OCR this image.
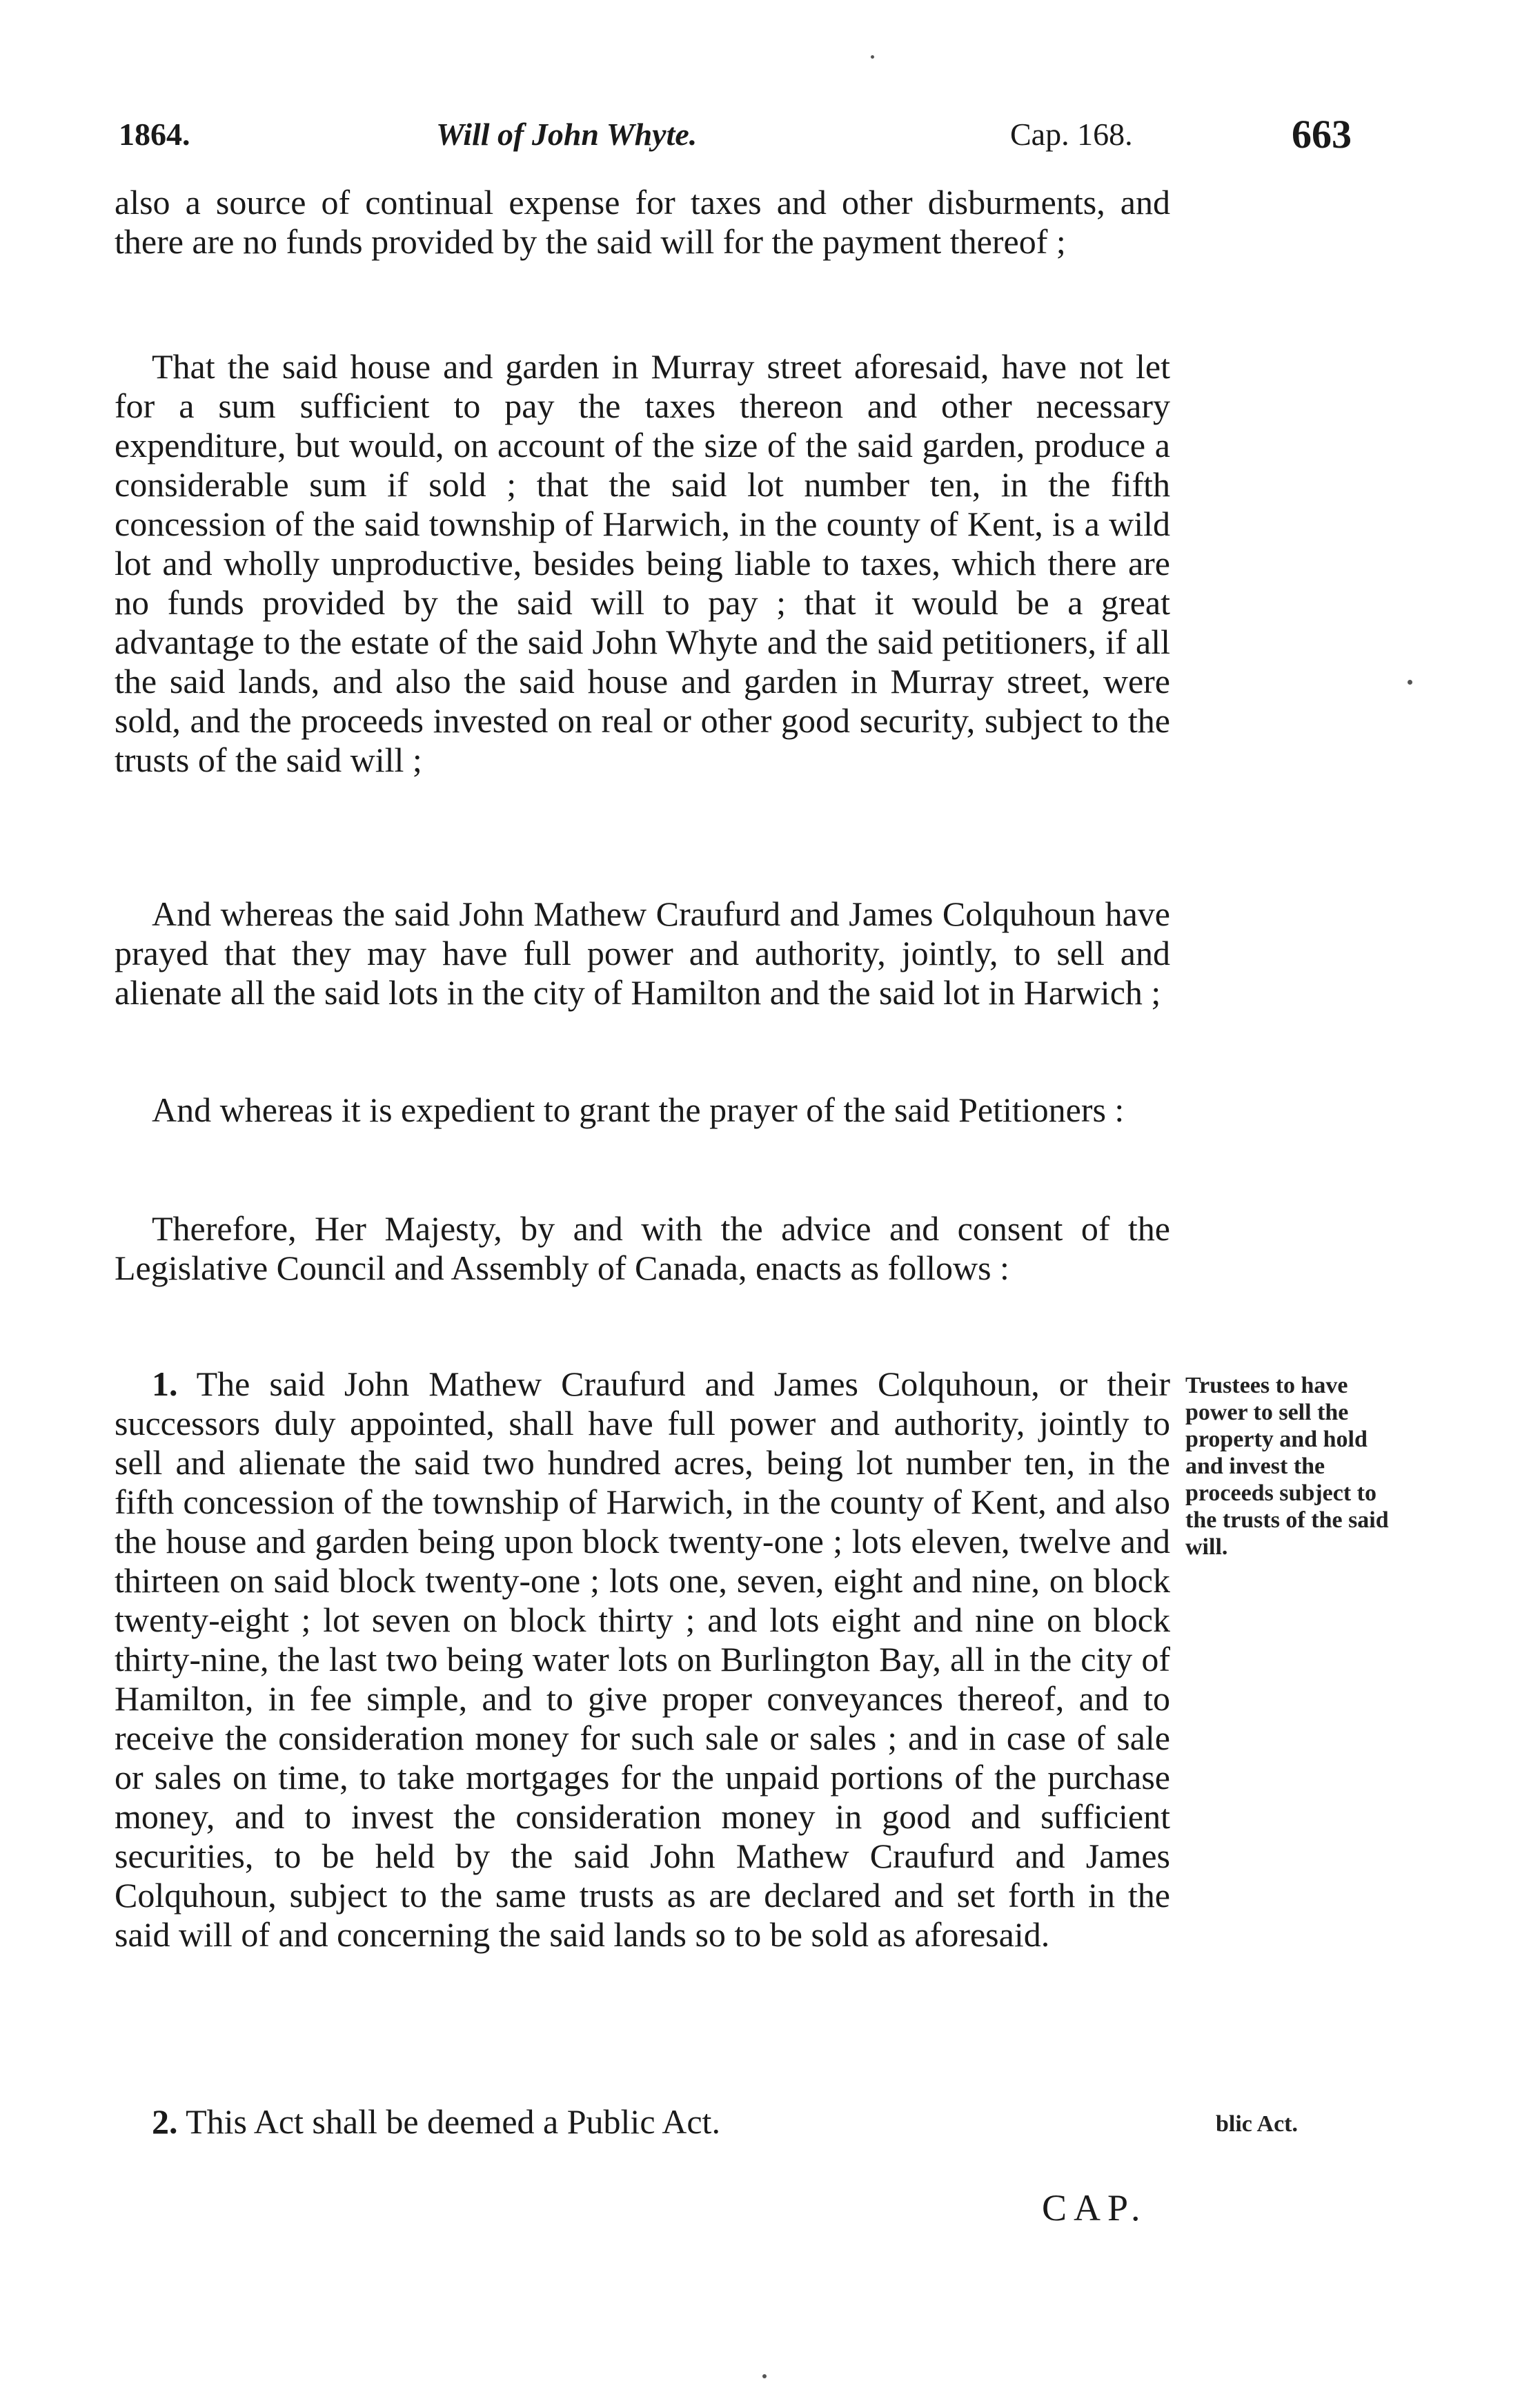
1864.	Will of John Whyte.	Cap. 168.	663

also a source of continual expense for taxes and other disburments, and there are no funds provided by the said will for the payment thereof ;

That the said house and garden in Murray street aforesaid, have not let for a sum sufficient to pay the taxes thereon and other necessary expenditure, but would, on account of the size of the said garden, produce a considerable sum if sold ; that the said lot number ten, in the fifth concession of the said township of Harwich, in the county of Kent, is a wild lot and wholly unproductive, besides being liable to taxes, which there are no funds provided by the said will to pay ; that it would be a great advantage to the estate of the said John Whyte and the said petitioners, if all the said lands, and also the said house and garden in Murray street, were sold, and the proceeds invested on real or other good security, subject to the trusts of the said will ;

And whereas the said John Mathew Craufurd and James Colquhoun have prayed that they may have full power and authority, jointly, to sell and alienate all the said lots in the city of Hamilton and the said lot in Harwich ;

And whereas it is expedient to grant the prayer of the said Petitioners :

Therefore, Her Majesty, by and with the advice and consent of the Legislative Council and Assembly of Canada, enacts as follows :

1. The said John Mathew Craufurd and James Colquhoun, or their successors duly appointed, shall have full power and authority, jointly to sell and alienate the said two hundred acres, being lot number ten, in the fifth concession of the township of Harwich, in the county of Kent, and also the house and garden being upon block twenty-one ; lots eleven, twelve and thirteen on said block twenty-one ; lots one, seven, eight and nine, on block twenty-eight ; lot seven on block thirty ; and lots eight and nine on block thirty-nine, the last two being water lots on Burlington Bay, all in the city of Hamilton, in fee simple, and to give proper conveyances thereof, and to receive the consideration money for such sale or sales ; and in case of sale or sales on time, to take mortgages for the unpaid portions of the purchase money, and to invest the consideration money in good and sufficient securities, to be held by the said John Mathew Craufurd and James Colquhoun, subject to the same trusts as are declared and set forth in the said will of and concerning the said lands so to be sold as aforesaid.

Trustees to have power to sell the property and hold and invest the proceeds subject to the trusts of the said will.

2. This Act shall be deemed a Public Act.	blic Act.
CAP.
